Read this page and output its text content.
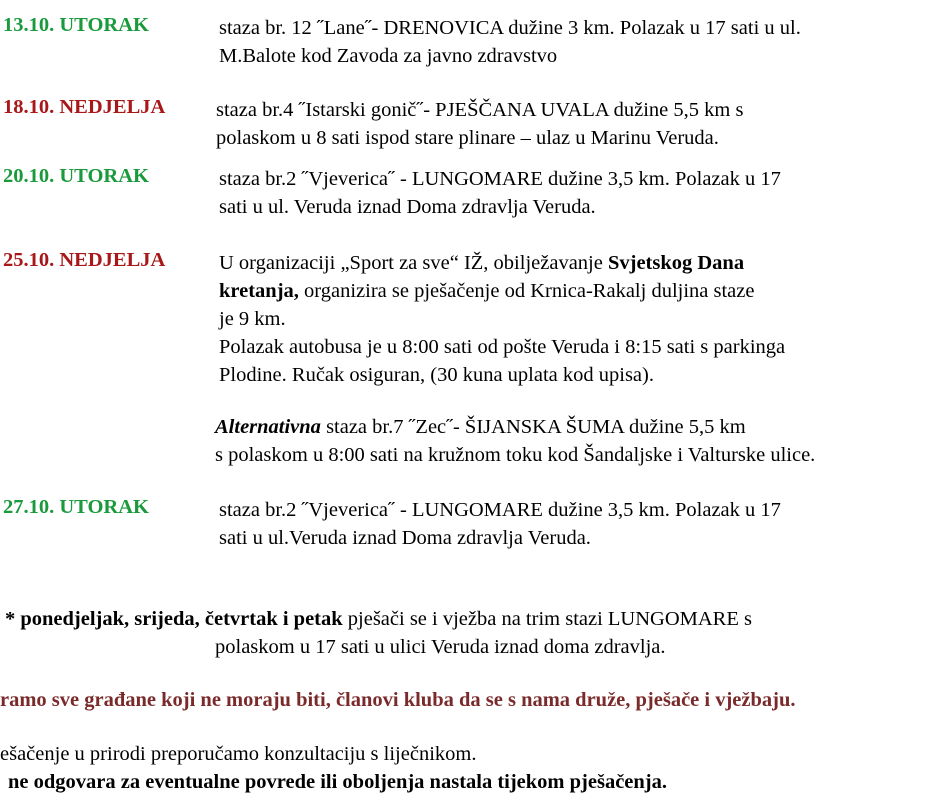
13.10. UTORAK	staza br. 12 ˝Lane˝- DRENOVICA dužine 3 km. Polazak u 17 sati u ul.
M.Balote kod Zavoda za javno zdravstvo
18.10. NEDJELJA staza br.4 ˝Istarski gonič˝- PJEŠČANA UVALA dužine 5,5 km s
polaskom u 8 sati ispod stare plinare – ulaz u Marinu Veruda.
20.10. UTORAK	staza br.2 ˝Vjeverica˝ - LUNGOMARE dužine 3,5 km. Polazak u 17
sati u ul. Veruda iznad Doma zdravlja Veruda.
25.10. NEDJELJA	U organizaciji „Sport za sve“ IŽ, obilježavanje Svjetskog Dana
kretanja, organizira se pješačenje od Krnica-Rakalj duljina staze
je 9 km.
Polazak autobusa je u 8:00 sati od pošte Veruda i 8:15 sati s parkinga
Plodine. Ručak osiguran, (30 kuna uplata kod upisa).
Alternativna staza br.7 ˝Zec˝- ŠIJANSKA ŠUMA dužine 5,5 km
s polaskom u 8:00 sati na kružnom toku kod Šandaljske i Valturske ulice.
27.10. UTORAK	staza br.2 ˝Vjeverica˝ - LUNGOMARE dužine 3,5 km. Polazak u 17
sati u ul.Veruda iznad Doma zdravlja Veruda.
* ponedjeljak, srijeda, četvrtak i petak pješači se i vježba na trim stazi LUNGOMARE s
polaskom u 17 sati u ulici Veruda iznad doma zdravlja.
ramo sve građane koji ne moraju biti, članovi kluba da se s nama druže, pješače i vježbaju.
ešačenje u prirodi preporučamo konzultaciju s liječnikom.
ne odgovara za eventualne povrede ili oboljenja nastala tijekom pješačenja.
